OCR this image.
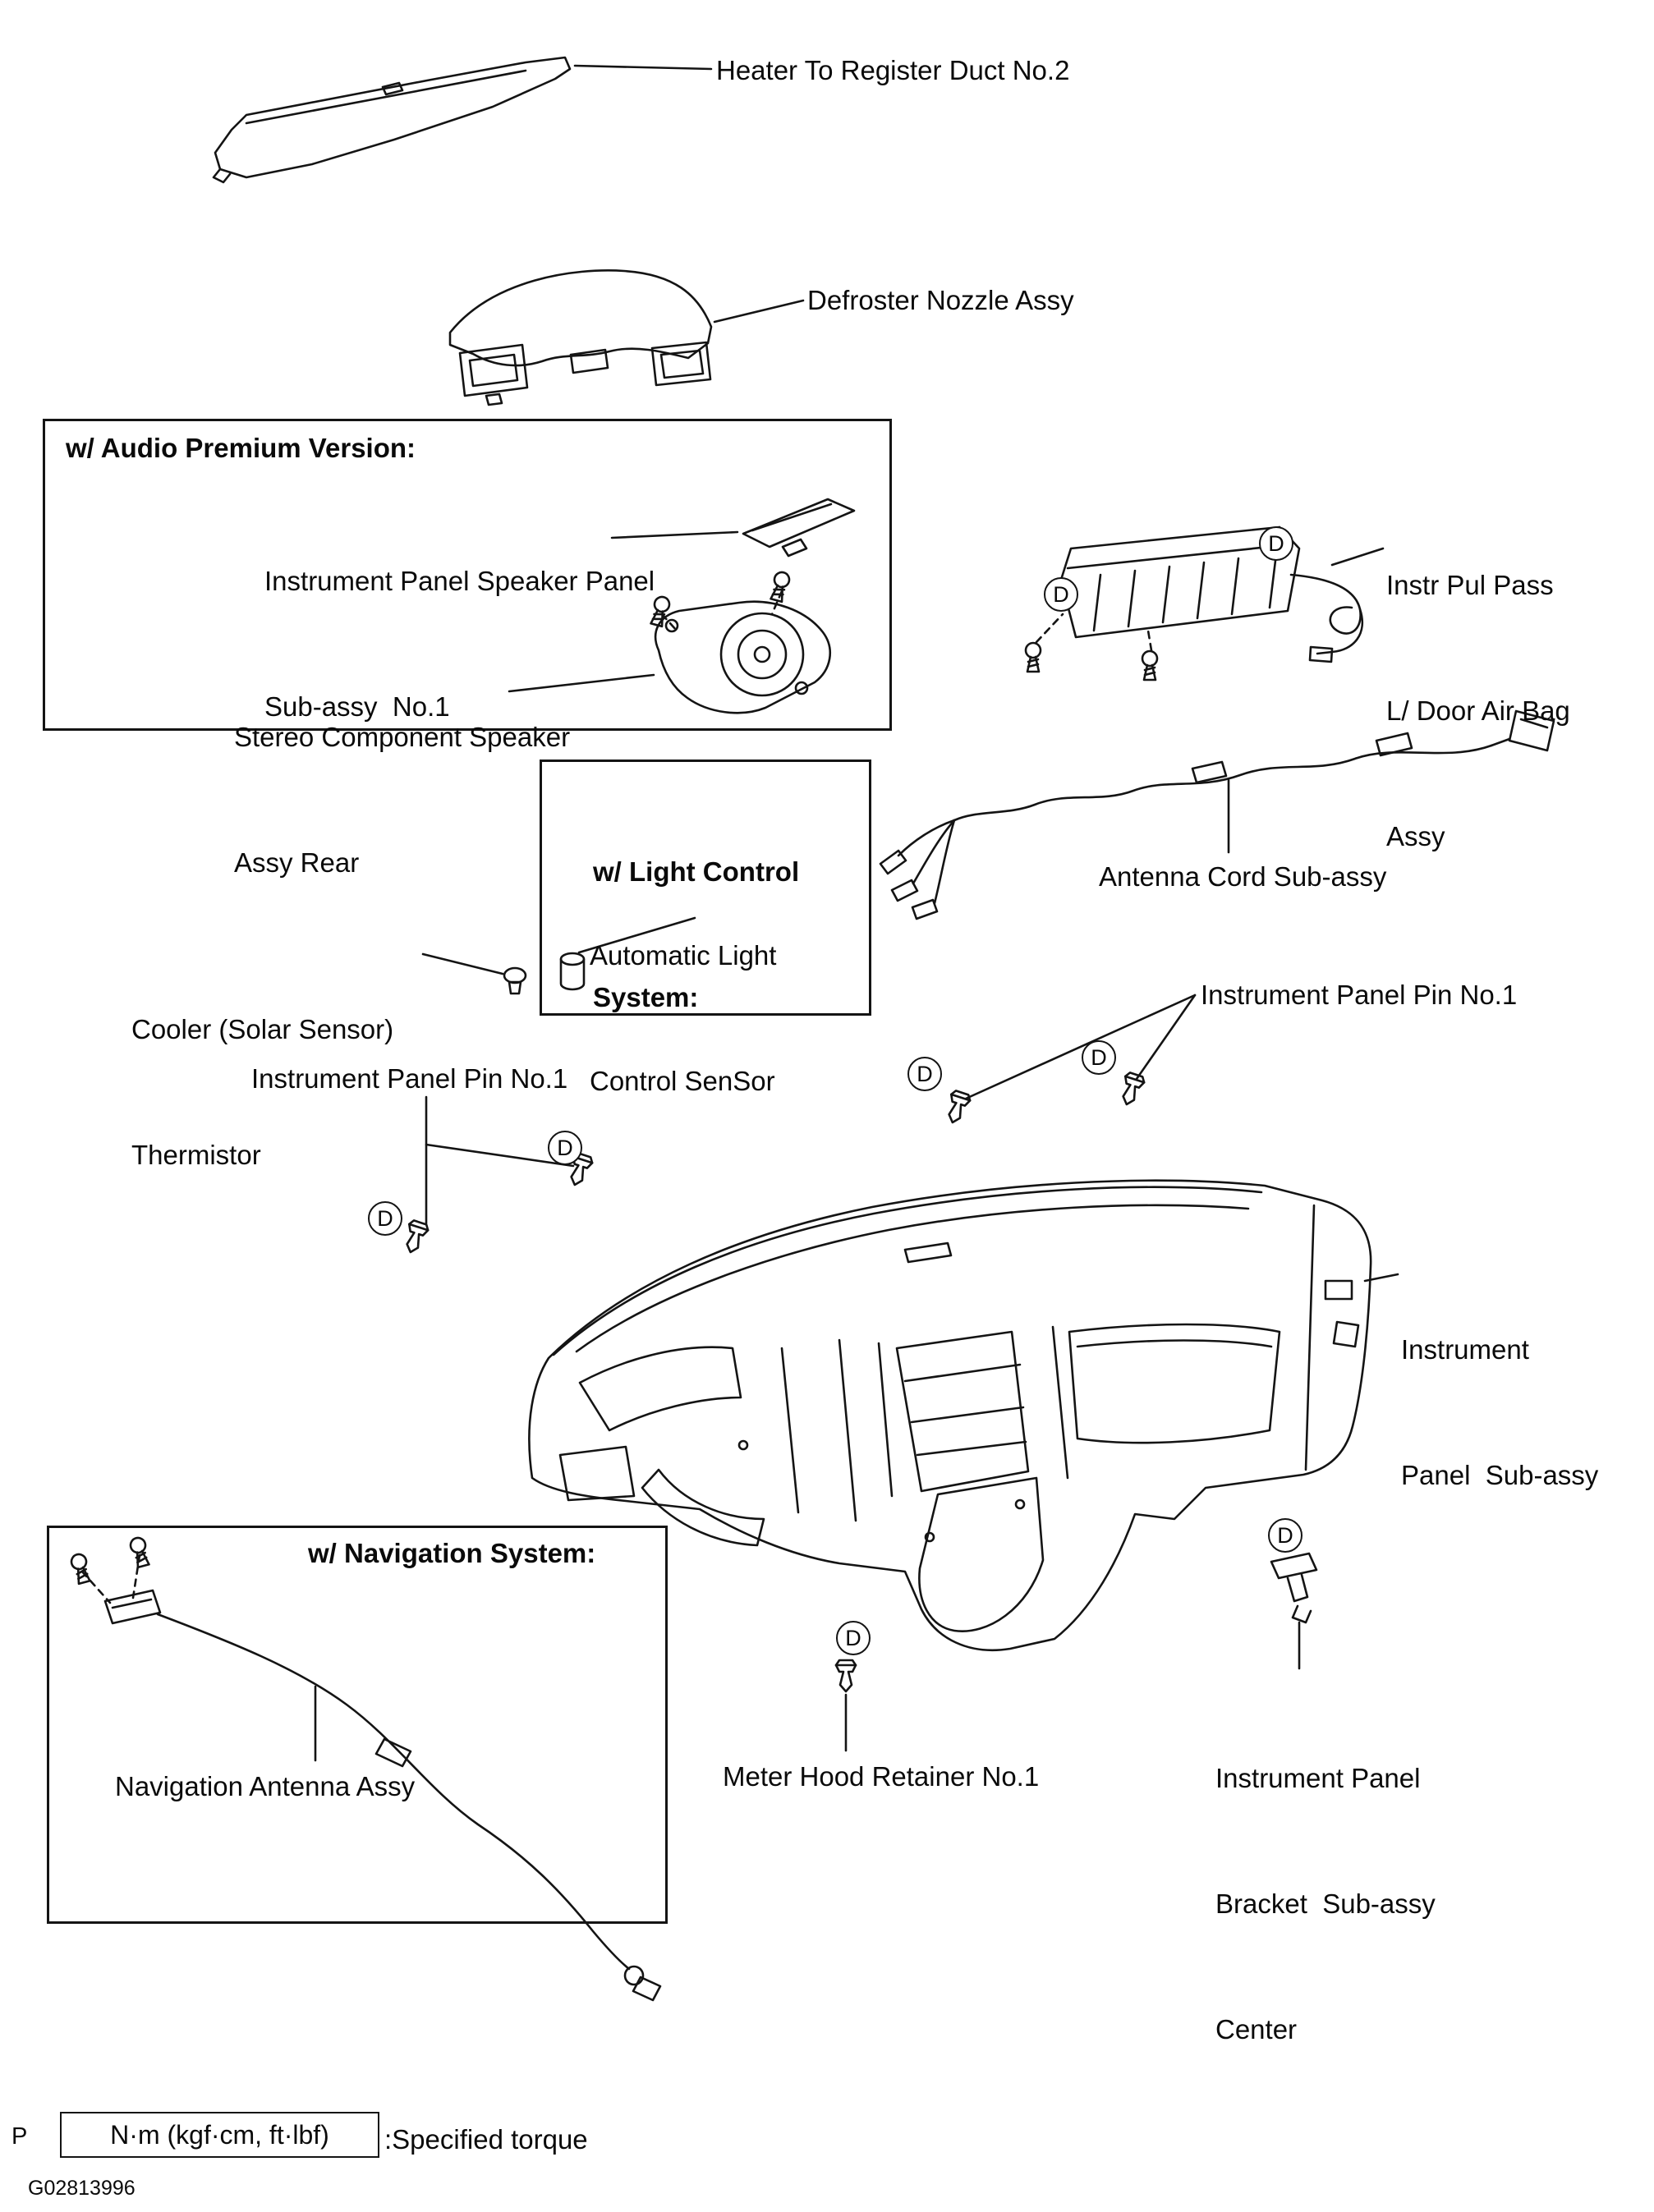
Heater To Register Duct No.2
Defroster Nozzle Assy
w/ Audio Premium Version:

Instrument Panel Speaker Panel

Sub-assy  No.1

Stereo Component Speaker

Assy Rear

Instr Pul Pass

L/ Door Air Bag

Assy

w/ Light Control

System:

Automatic Light

Control SenSor

Cooler (Solar Sensor)

Thermistor

Antenna Cord Sub-assy
Instrument Panel Pin No.1
Instrument Panel Pin No.1

Instrument

Panel  Sub-assy

w/ Navigation System:
Navigation Antenna Assy	Meter Hood Retainer No.1

	Instrument Panel

Bracket  Sub-assy

Center

D
D
D
D
D
D
D
D
N·m (kgf·cm, ft·lbf) :Specified torque
P
G02813996
